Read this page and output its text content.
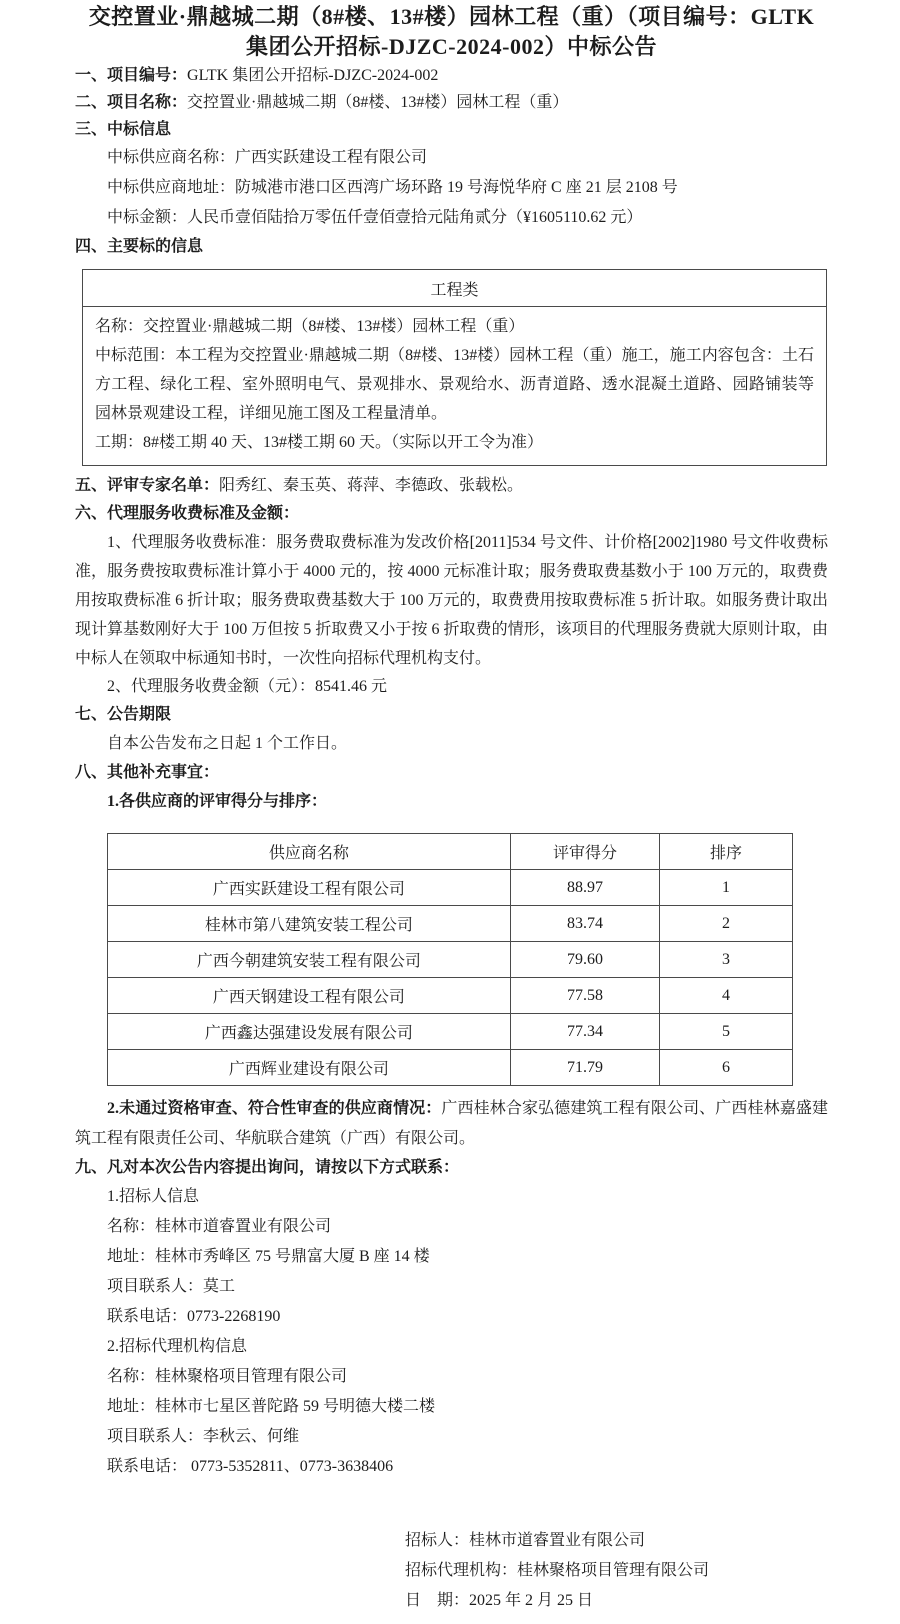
交控置业·鼎越城二期（8#楼、13#楼）园林工程（重）（项目编号：GLTK 集团公开招标-DJZC-2024-002）中标公告

一、项目编号：GLTK 集团公开招标-DJZC-2024-002

二、项目名称：交控置业·鼎越城二期（8#楼、13#楼）园林工程（重）

三、中标信息

中标供应商名称：广西实跃建设工程有限公司

中标供应商地址：防城港市港口区西湾广场环路 19 号海悦华府 C 座 21 层 2108 号

中标金额：人民币壹佰陆拾万零伍仟壹佰壹拾元陆角贰分（¥1605110.62 元）

四、主要标的信息

工程类

名称：交控置业·鼎越城二期（8#楼、13#楼）园林工程（重）

中标范围：本工程为交控置业·鼎越城二期（8#楼、13#楼）园林工程（重）施工，施工内容包含：土石方工程、绿化工程、室外照明电气、景观排水、景观给水、沥青道路、透水混凝土道路、园路铺装等园林景观建设工程，详细见施工图及工程量清单。

工期：8#楼工期 40 天、13#楼工期 60 天。（实际以开工令为准）

五、评审专家名单：阳秀红、秦玉英、蒋萍、李德政、张载松。

六、代理服务收费标准及金额：

1、代理服务收费标准：服务费取费标准为发改价格[2011]534 号文件、计价格[2002]1980 号文件收费标准，服务费按取费标准计算小于 4000 元的，按 4000 元标准计取；服务费取费基数小于 100 万元的，取费费用按取费标准 6 折计取；服务费取费基数大于 100 万元的，取费费用按取费标准 5 折计取。如服务费计取出现计算基数刚好大于 100 万但按 5 折取费又小于按 6 折取费的情形，该项目的代理服务费就大原则计取，由中标人在领取中标通知书时，一次性向招标代理机构支付。

2、代理服务收费金额（元）：8541.46 元

七、公告期限

自本公告发布之日起 1 个工作日。

八、其他补充事宜：

1.各供应商的评审得分与排序：

供应商名称	评审得分	排序
广西实跃建设工程有限公司	88.97	1
桂林市第八建筑安装工程公司	83.74	2
广西今朝建筑安装工程有限公司	79.60	3
广西天钢建设工程有限公司	77.58	4
广西鑫达强建设发展有限公司	77.34	5
广西辉业建设有限公司	71.79	6

2.未通过资格审查、符合性审查的供应商情况：广西桂林合家弘德建筑工程有限公司、广西桂林嘉盛建筑工程有限责任公司、华航联合建筑（广西）有限公司。

九、凡对本次公告内容提出询问，请按以下方式联系：

1.招标人信息

名称：桂林市道睿置业有限公司

地址：桂林市秀峰区 75 号鼎富大厦 B 座 14 楼

项目联系人：莫工

联系电话：0773-2268190

2.招标代理机构信息

名称：桂林聚格项目管理有限公司

地址：桂林市七星区普陀路 59 号明德大楼二楼

项目联系人：李秋云、何维

联系电话： 0773-5352811、0773-3638406

招标人：桂林市道睿置业有限公司

招标代理机构：桂林聚格项目管理有限公司

日　期：2025 年 2 月 25 日
